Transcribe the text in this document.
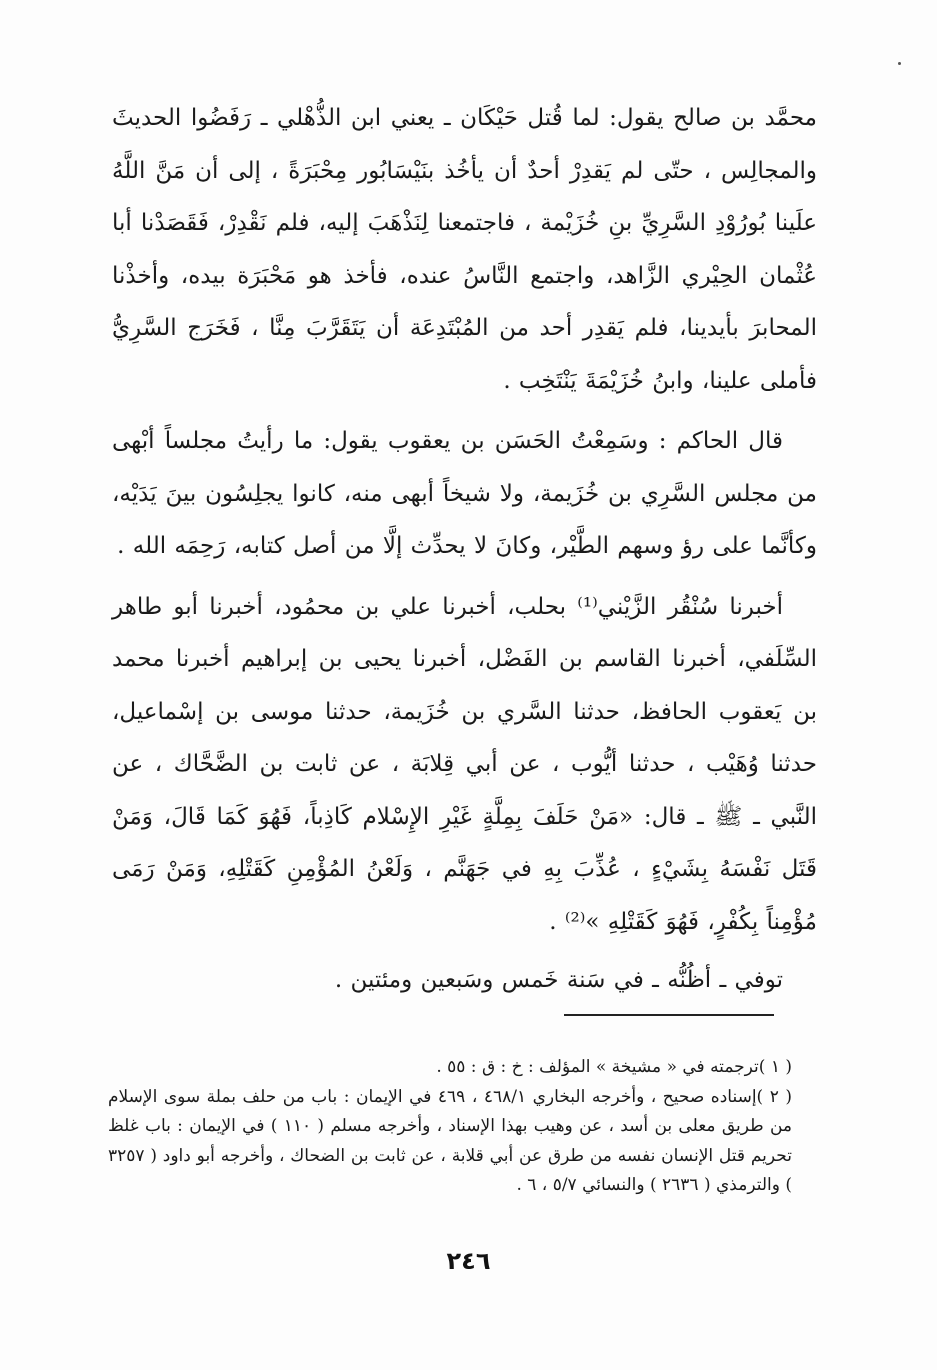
محمَّد بن صالح يقول: لما قُتل حَيْكَان ـ يعني ابن الذُّهْلي ـ رَفَضُوا الحديثَ والمجالِس ، حتّى لم يَقدِرْ أحدٌ أن يأخُذ بنَيْسَابُور مِحْبَرَةً ، إلى أن مَنَّ اللَّهُ علَينا بُورُوْدِ السَّرِيِّ بنِ خُزَيْمة ، فاجتمعنا لِنَذْهَبَ إليه، فلم نَقْدِرْ، فَقَصَدْنا أبا عُثْمان الحِيْري الزَّاهد، واجتمع النَّاسُ عنده، فأخذ هو مَحْبَرَة بيده، وأخذْنا المحابرَ بأيدينا، فلم يَقدِر أحد من المُبْتَدِعَة أن يَتَقَرَّبَ مِنَّا ، فَخَرَج السَّرِيُّ فأملى علينا، وابنُ خُزَيْمَةَ يَنْتَخِب .

قال الحاكم : وسَمِعْتُ الحَسَن بن يعقوب يقول: ما رأيتُ مجلساً أبْهى من مجلس السَّرِي بن خُزَيمة، ولا شيخاً أبهى منه، كانوا يجلِسُون بينَ يَدَيْه، وكأنَّما على رؤ وسهم الطَّيْر، وكانَ لا يحدِّث إلَّا من أصل كتابه، رَحِمَه الله .

أخبرنا سُنْقُر الزَّيْني⁽¹⁾ بحلب، أخبرنا علي بن محمُود، أخبرنا أبو طاهر السِّلَفي، أخبرنا القاسم بن الفَضْل، أخبرنا يحيى بن إبراهيم أخبرنا محمد بن يَعقوب الحافظ، حدثنا السَّري بن خُزَيمة، حدثنا موسى بن إسْماعيل، حدثنا وُهَيْب ، حدثنا أيُّوب ، عن أبي قِلابَة ، عن ثابت بن الضَّحَّاك ، عن النَّبي ـ ﷺ ـ قال: «مَنْ حَلَفَ بِمِلَّةٍ غَيْرِ الإِسْلام كَاذِباً، فَهُوَ كَمَا قَالَ، وَمَنْ قَتَل نَفْسَهُ بِشَيْءٍ ، عُذِّبَ بِهِ في جَهَنَّم ، وَلَعْنُ المُؤْمِنِ كَقَتْلِهِ، وَمَنْ رَمَى مُؤْمِناً بِكُفْرٍ، فَهُوَ كَقَتْلِهِ »⁽²⁾ .

توفي ـ أظُنُّه ـ في سَنة خَمس وسَبعين ومئتين .

( ١ )ترجمته في « مشيخة » المؤلف : خ : ق : ٥٥ .

( ٢ )إسناده صحيح ، وأخرجه البخاري ٤٦٨/١ ، ٤٦٩ في الإيمان : باب من حلف بملة سوى الإسلام من طريق معلى بن أسد ، عن وهيب بهذا الإسناد ، وأخرجه مسلم ( ١١٠ ) في الإيمان : باب غلظ تحريم قتل الإنسان نفسه من طرق عن أبي قلابة ، عن ثابت بن الضحاك ، وأخرجه أبو داود ( ٣٢٥٧ ) والترمذي ( ٢٦٣٦ ) والنسائي ٥/٧ ، ٦ .

٢٤٦
